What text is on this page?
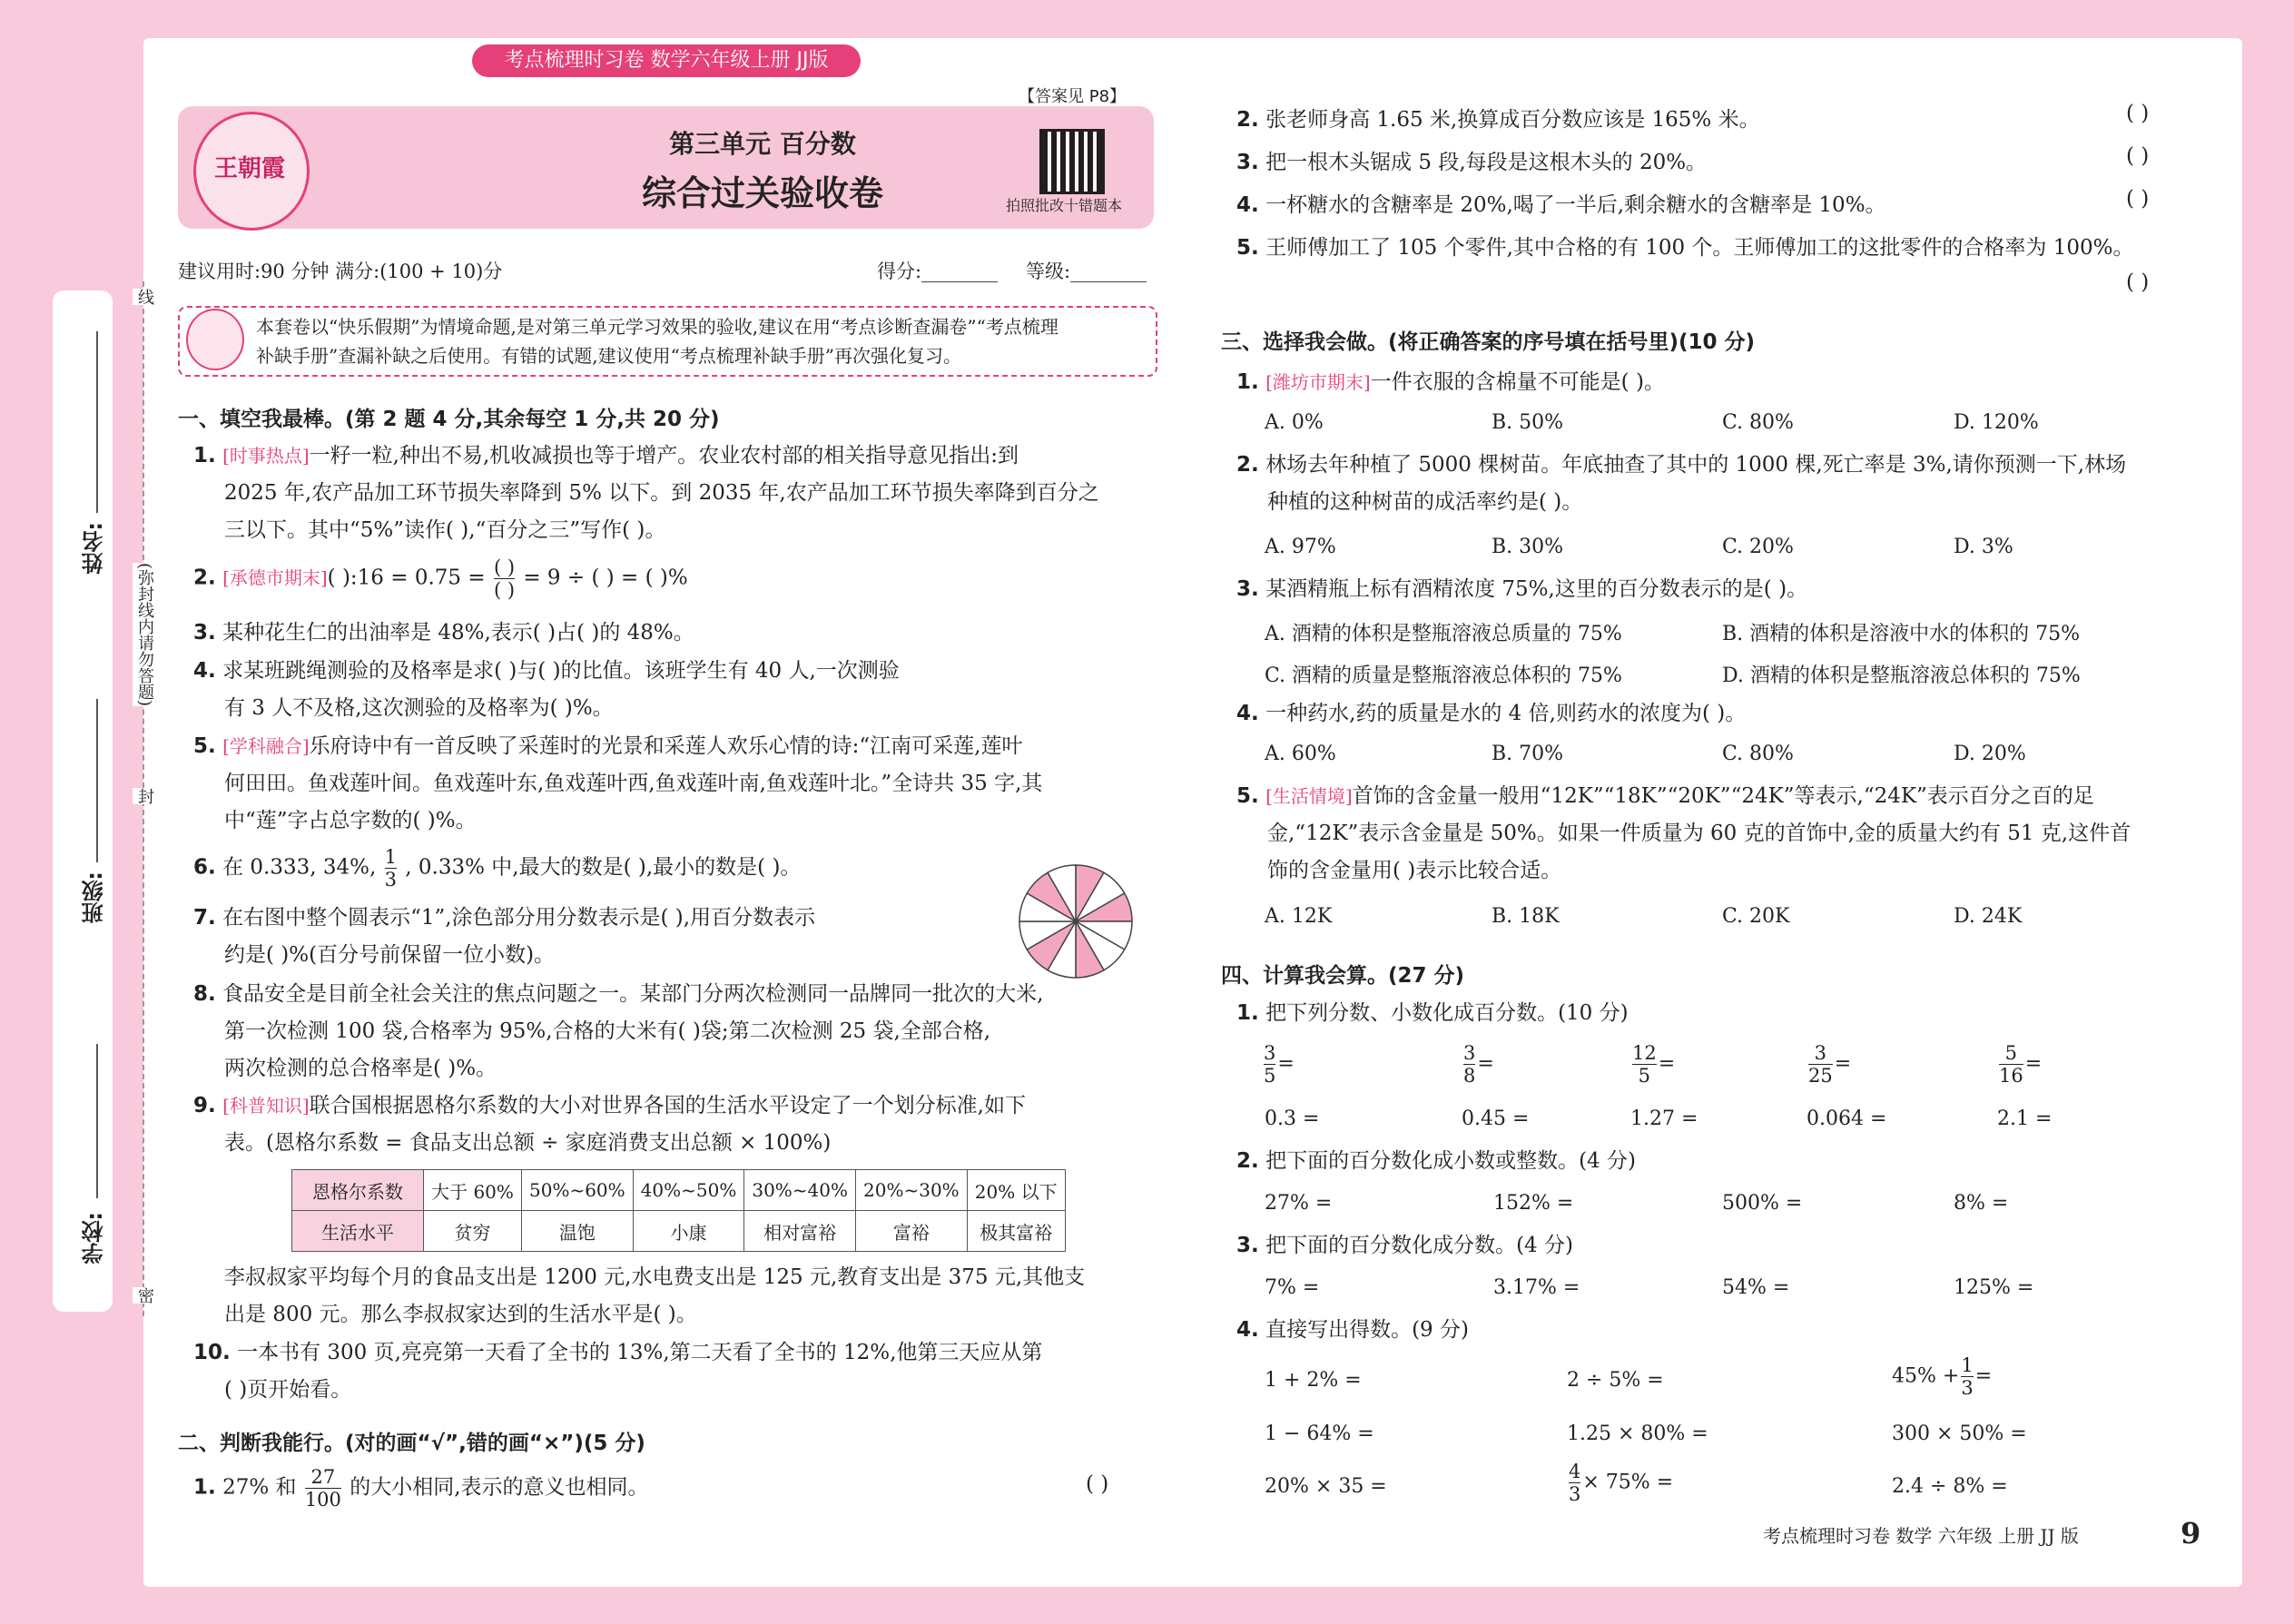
学校:
班级:
姓名:
(弥封线内请勿答题)
线
封
密
考点梳理时习卷 数学六年级上册 JJ版
【答案见 P8】
王朝霞
第三单元 百分数
综合过关验收卷	拍照批改十错题本
建议用时:90 分钟 满分:(100 + 10)分	得分:________ 等级:________
本套卷以“快乐假期”为情境命题,是对第三单元学习效果的验收,建议在用“考点诊断查漏卷”“考点梳理
补缺手册”查漏补缺之后使用。有错的试题,建议使用“考点梳理补缺手册”再次强化复习。
一、填空我最棒。(第 2 题 4 分,其余每空 1 分,共 20 分)
1. [时事热点]一籽一粒,种出不易,机收减损也等于增产。农业农村部的相关指导意见指出:到
2025 年,农产品加工环节损失率降到 5% 以下。到 2035 年,农产品加工环节损失率降到百分之
三以下。其中“5%”读作( ),“百分之三”写作( )。
2. [承德市期末]( ):16 = $0.75 = \frac{( )}{( )} = 9$ ÷ ( ) = ( )%
3. 某种花生仁的出油率是 48%,表示( )占( )的 48%。
4. 求某班跳绳测验的及格率是求( )与( )的比值。该班学生有 40 人,一次测验
有 3 人不及格,这次测验的及格率为( )%。
5. [学科融合]乐府诗中有一首反映了采莲时的光景和采莲人欢乐心情的诗:“江南可采莲,莲叶
何田田。鱼戏莲叶间。鱼戏莲叶东,鱼戏莲叶西,鱼戏莲叶南,鱼戏莲叶北。”全诗共 35 字,其
中“莲”字占总字数的( )%。
6. 在 0.333, 34%, $\frac{1}{3}$ , 0.33% 中,最大的数是( ),最小的数是( )。
7. 在右图中整个圆表示“1”,涂色部分用分数表示是( ),用百分数表示
约是( )%(百分号前保留一位小数)。
8. 食品安全是目前全社会关注的焦点问题之一。某部门分两次检测同一品牌同一批次的大米,
第一次检测 100 袋,合格率为 95%,合格的大米有( )袋;第二次检测 25 袋,全部合格,
两次检测的总合格率是( )%。
9. [科普知识]联合国根据恩格尔系数的大小对世界各国的生活水平设定了一个划分标准,如下
表。(恩格尔系数 = 食品支出总额 ÷ 家庭消费支出总额 × 100%)
恩格尔系数	大于 60%	50%~60%	40%~50%	30%~40%	20%~30%	20% 以下
生活水平	贫穷	温饱	小康	相对富裕	富裕	极其富裕
李叔叔家平均每个月的食品支出是 1200 元,水电费支出是 125 元,教育支出是 375 元,其他支
出是 800 元。那么李叔叔家达到的生活水平是( )。
10. 一本书有 300 页,亮亮第一天看了全书的 13%,第二天看了全书的 12%,他第三天应从第
( )页开始看。
二、判断我能行。(对的画“√”,错的画“×”)(5 分)
1. 27% 和 $\frac{27}{100}$ 的大小相同,表示的意义也相同。	( )
2. 张老师身高 1.65 米,换算成百分数应该是 165% 米。	( )
3. 把一根木头锯成 5 段,每段是这根木头的 20%。	( )
4. 一杯糖水的含糖率是 20%,喝了一半后,剩余糖水的含糖率是 10%。	( )
5. 王师傅加工了 105 个零件,其中合格的有 100 个。王师傅加工的这批零件的合格率为 100%。
( )
三、选择我会做。(将正确答案的序号填在括号里)(10 分)
1. [潍坊市期末]一件衣服的含棉量不可能是( )。
A. 0%	B. 50%	C. 80%	D. 120%
2. 林场去年种植了 5000 棵树苗。年底抽查了其中的 1000 棵,死亡率是 3%,请你预测一下,林场
种植的这种树苗的成活率约是( )。
A. 97%	B. 30%	C. 20%	D. 3%
3. 某酒精瓶上标有酒精浓度 75%,这里的百分数表示的是( )。
A. 酒精的体积是整瓶溶液总质量的 75%	B. 酒精的体积是溶液中水的体积的 75%
C. 酒精的质量是整瓶溶液总体积的 75%	D. 酒精的体积是整瓶溶液总体积的 75%
4. 一种药水,药的质量是水的 4 倍,则药水的浓度为( )。
A. 60%	B. 70%	C. 80%	D. 20%
5. [生活情境]首饰的含金量一般用“12K”“18K”“20K”“24K”等表示,“24K”表示百分之百的足
金,“12K”表示含金量是 50%。如果一件质量为 60 克的首饰中,金的质量大约有 51 克,这件首
饰的含金量用( )表示比较合适。
A. 12K	B. 18K	C. 20K	D. 24K
四、计算我会算。(27 分)
1. 把下列分数、小数化成百分数。(10 分)
$\frac{3}{5}$ =	$\frac{3}{8}$ =	$\frac{12}{5}$ =	$\frac{3}{25}$ =	$\frac{5}{16}$ =
0.3 =	0.45 =	1.27 =	0.064 =	2.1 =
2. 把下面的百分数化成小数或整数。(4 分)
27% =	152% =	500% =	8% =
3. 把下面的百分数化成分数。(4 分)
7% =	3.17% =	54% =	125% =
4. 直接写出得数。(9 分)
1 + 2% =	2 ÷ 5% =	$45\% + \frac{1}{3}$ =
1 − 64% =	1.25 × 80% =	300 × 50% =
20% × 35 =	$\frac{4}{3} \times 75\%$ =	2.4 ÷ 8% =
考点梳理时习卷 数学 六年级 上册 JJ 版	9
